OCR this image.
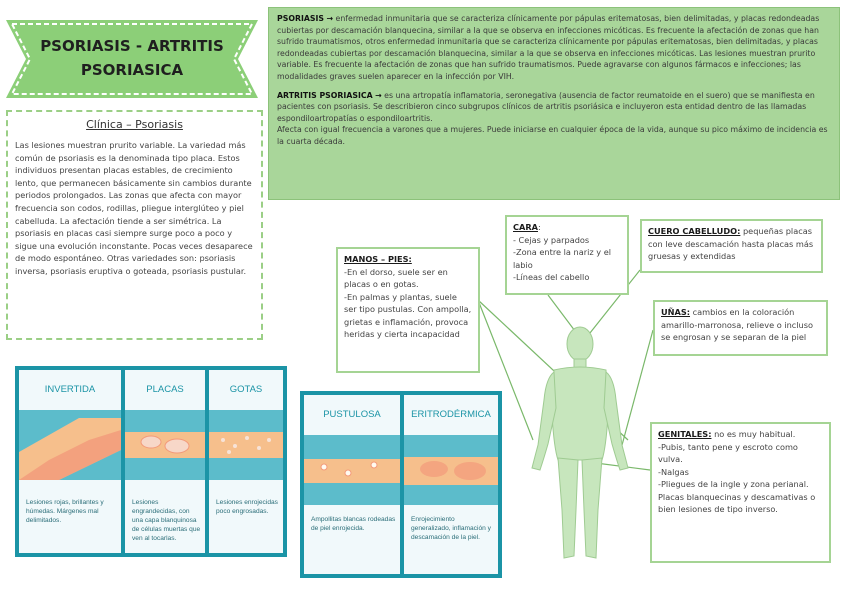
PSORIASIS - ARTRITIS
PSORIASICA
Clínica – Psoriasis

Las lesiones muestran prurito variable. La variedad más común de psoriasis es la denominada tipo placa. Estos individuos presentan placas estables, de crecimiento lento, que permanecen básicamente sin cambios durante periodos prolongados. Las zonas que afecta con mayor frecuencia son codos, rodillas, pliegue interglúteo y piel cabelluda. La afectación tiende a ser simétrica. La psoriasis en placas casi siempre surge poco a poco y sigue una evolución inconstante. Pocas veces desaparece de modo espontáneo. Otras variedades son: psoriasis inversa, psoriasis eruptiva o goteada, psoriasis pustular.

PSORIASIS → enfermedad inmunitaria que se caracteriza clínicamente por pápulas eritematosas, bien delimitadas, y placas redondeadas cubiertas por descamación blanquecina, similar a la que se observa en infecciones micóticas. Es frecuente la afectación de zonas que han sufrido traumatismos, otros enfermedad inmunitaria que se caracteriza clínicamente por pápulas eritematosas, bien delimitadas, y placas redondeadas cubiertas por descamación blanquecina, similar a la que se observa en infecciones micóticas. Las lesiones muestran prurito variable. Es frecuente la afectación de zonas que han sufrido traumatismos. Puede agravarse con algunos fármacos e infecciones; las modalidades graves suelen aparecer en la infección por VIH.

ARTRITIS PSORIASICA → es una artropatía inflamatoria, seronegativa (ausencia de factor reumatoide en el suero) que se manifiesta en pacientes con psoriasis. Se describieron cinco subgrupos clínicos de artritis psoriásica e incluyeron esta entidad dentro de las llamadas espondiloartropatías o espondiloartritis.
Afecta con igual frecuencia a varones que a mujeres. Puede iniciarse en cualquier época de la vida, aunque su pico máximo de incidencia es la cuarta década.

MANOS – PIES:
-En el dorso, suele ser en placas o en gotas.
-En palmas y plantas, suele ser tipo pustulas. Con ampolla, grietas e inflamación, provoca heridas y cierta incapacidad
CARA:
- Cejas y parpados
-Zona entre la nariz y el labio
-Líneas del cabello
CUERO CABELLUDO: pequeñas placas con leve descamación hasta placas más gruesas y extendidas
UÑAS: cambios en la coloración amarillo-marronosa, relieve o incluso se engrosan y se separan de la piel
GENITALES: no es muy habitual.
-Pubis, tanto pene y escroto como vulva.
-Nalgas
-Pliegues de la ingle y zona perianal.
Placas blanquecinas y descamativas o bien lesiones de tipo inverso.
INVERTIDA
Lesiones rojas, brillantes y húmedas. Márgenes mal delimitados.
PLACAS
Lesiones engrandecidas, con una capa blanquinosa de células muertas que ven al tocarlas.
GOTAS
Lesiones enrojecidas poco engrosadas.
PUSTULOSA
Ampollitas blancas rodeadas de piel enrojecida.
ERITRODÉRMICA
Enrojecimiento generalizado, inflamación y descamación de la piel.
